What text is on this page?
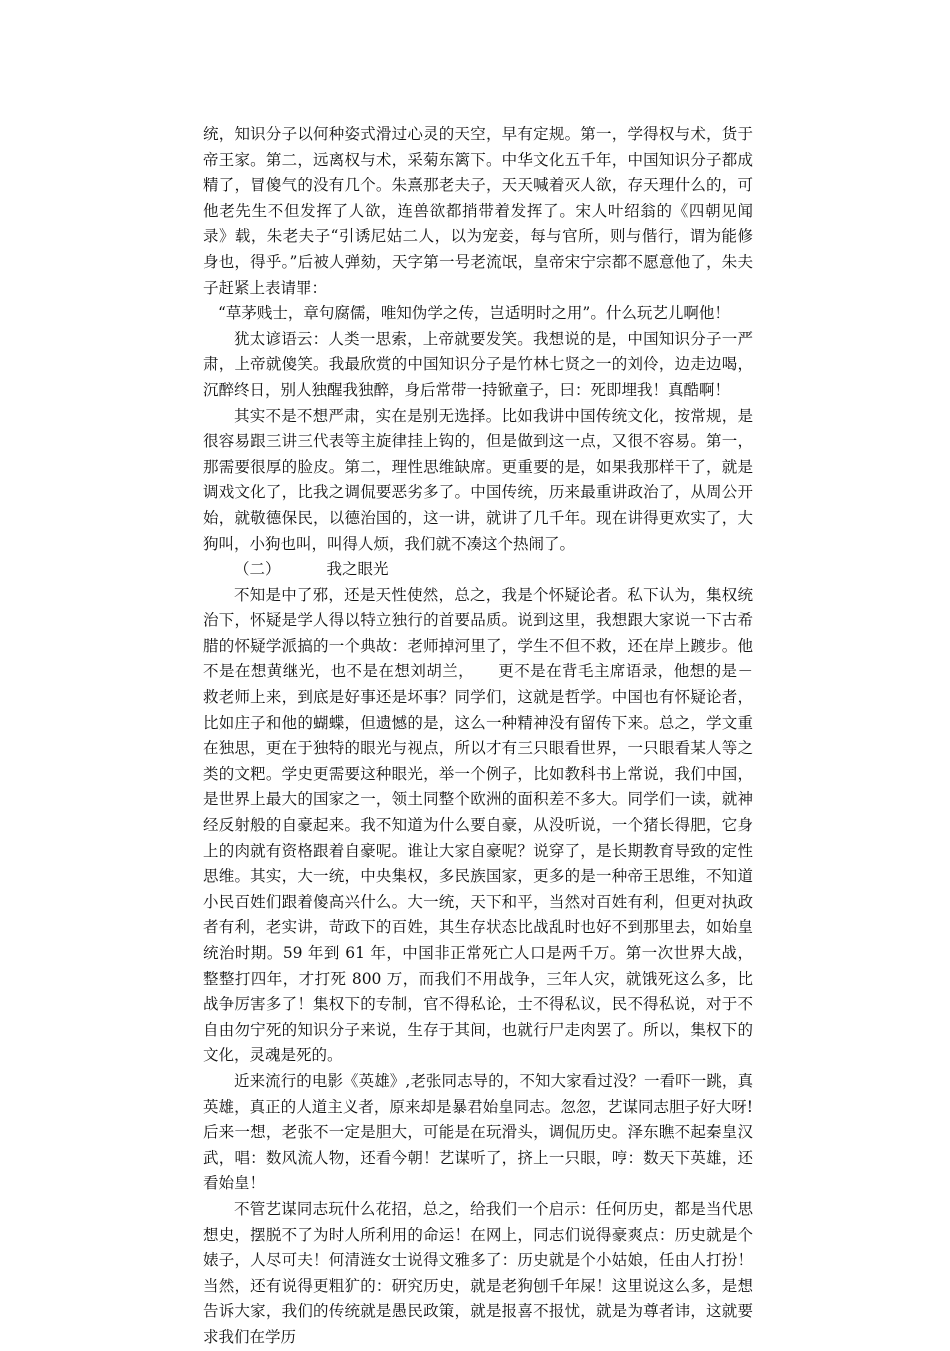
统，知识分子以何种姿式滑过心灵的天空，早有定规。第一，学得权与术，货于帝王家。第二，远离权与术，采菊东篱下。中华文化五千年，中国知识分子都成精了，冒傻气的没有几个。朱熹那老夫子，天天喊着灭人欲，存天理什么的，可他老先生不但发挥了人欲，连兽欲都捎带着发挥了。宋人叶绍翁的《四朝见闻录》载，朱老夫子“引诱尼姑二人，以为宠妾，每与官所，则与偕行，谓为能修身也，得乎。”后被人弹劾，天字第一号老流氓，皇帝宋宁宗都不愿意他了，朱夫子赶紧上表请罪：

“草茅贱士，章句腐儒，唯知伪学之传，岂适明时之用”。什么玩艺儿啊他！

犹太谚语云：人类一思索，上帝就要发笑。我想说的是，中国知识分子一严肃，上帝就傻笑。我最欣赏的中国知识分子是竹林七贤之一的刘伶，边走边喝，沉醉终日，别人独醒我独醉，身后常带一持锨童子，曰：死即埋我！真酷啊！

其实不是不想严肃，实在是别无选择。比如我讲中国传统文化，按常规，是很容易跟三讲三代表等主旋律挂上钩的，但是做到这一点，又很不容易。第一，那需要很厚的脸皮。第二，理性思维缺席。更重要的是，如果我那样干了，就是调戏文化了，比我之调侃要恶劣多了。中国传统，历来最重讲政治了，从周公开始，就敬德保民，以德治国的，这一讲，就讲了几千年。现在讲得更欢实了，大狗叫，小狗也叫，叫得人烦，我们就不凑这个热闹了。

（二）	我之眼光

不知是中了邪，还是天性使然，总之，我是个怀疑论者。私下认为，集权统治下，怀疑是学人得以特立独行的首要品质。说到这里，我想跟大家说一下古希腊的怀疑学派搞的一个典故：老师掉河里了，学生不但不救，还在岸上踱步。他不是在想黄继光，也不是在想刘胡兰，　　更不是在背毛主席语录，他想的是－救老师上来，到底是好事还是坏事？同学们，这就是哲学。中国也有怀疑论者，比如庄子和他的蝴蝶，但遗憾的是，这么一种精神没有留传下来。总之，学文重在独思，更在于独特的眼光与视点，所以才有三只眼看世界，一只眼看某人等之类的文粑。学史更需要这种眼光，举一个例子，比如教科书上常说，我们中国，是世界上最大的国家之一，领土同整个欧洲的面积差不多大。同学们一读，就神经反射般的自豪起来。我不知道为什么要自豪，从没听说，一个猪长得肥，它身上的肉就有资格跟着自豪呢。谁让大家自豪呢？说穿了，是长期教育导致的定性思维。其实，大一统，中央集权，多民族国家，更多的是一种帝王思维，不知道小民百姓们跟着傻高兴什么。大一统，天下和平，当然对百姓有利，但更对执政者有利，老实讲，苛政下的百姓，其生存状态比战乱时也好不到那里去，如始皇统治时期。59 年到 61 年，中国非正常死亡人口是两千万。第一次世界大战，整整打四年，才打死 800 万，而我们不用战争，三年人灾，就饿死这么多，比战争厉害多了！集权下的专制，官不得私论，士不得私议，民不得私说，对于不自由勿宁死的知识分子来说，生存于其间，也就行尸走肉罢了。所以，集权下的文化，灵魂是死的。

近来流行的电影《英雄》,老张同志导的，不知大家看过没？一看吓一跳，真英雄，真正的人道主义者，原来却是暴君始皇同志。忽忽，艺谋同志胆子好大呀!后来一想，老张不一定是胆大，可能是在玩滑头，调侃历史。泽东瞧不起秦皇汉武，唱：数风流人物，还看今朝！艺谋听了，挤上一只眼，哼：数天下英雄，还看始皇！

不管艺谋同志玩什么花招，总之，给我们一个启示：任何历史，都是当代思想史，摆脱不了为时人所利用的命运！在网上，同志们说得豪爽点：历史就是个婊子，人尽可夫！何清涟女士说得文雅多了：历史就是个小姑娘，任由人打扮！当然，还有说得更粗犷的：研究历史，就是老狗刨千年屎！这里说这么多，是想告诉大家，我们的传统就是愚民政策，就是报喜不报忧，就是为尊者讳，这就要求我们在学历
